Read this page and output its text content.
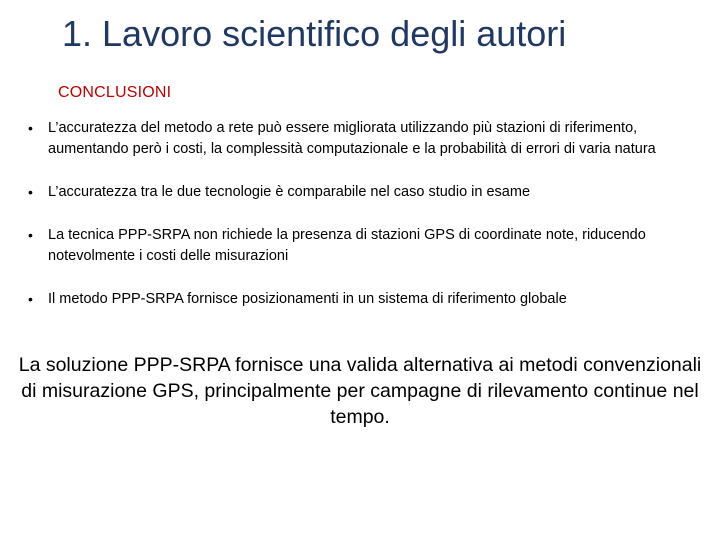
1. Lavoro scientifico degli autori
CONCLUSIONI
• L’accuratezza del metodo a rete può essere migliorata utilizzando più stazioni di riferimento, aumentando però i costi, la complessità computazionale e la probabilità di errori di varia natura
• L’accuratezza tra le due tecnologie è comparabile nel caso studio in esame
• La tecnica PPP-SRPA non richiede la presenza di stazioni GPS di coordinate note, riducendo notevolmente i costi delle misurazioni
• Il metodo PPP-SRPA fornisce posizionamenti in un sistema di riferimento globale
La soluzione PPP-SRPA fornisce una valida alternativa ai metodi convenzionali di misurazione GPS, principalmente per campagne di rilevamento continue nel tempo.
